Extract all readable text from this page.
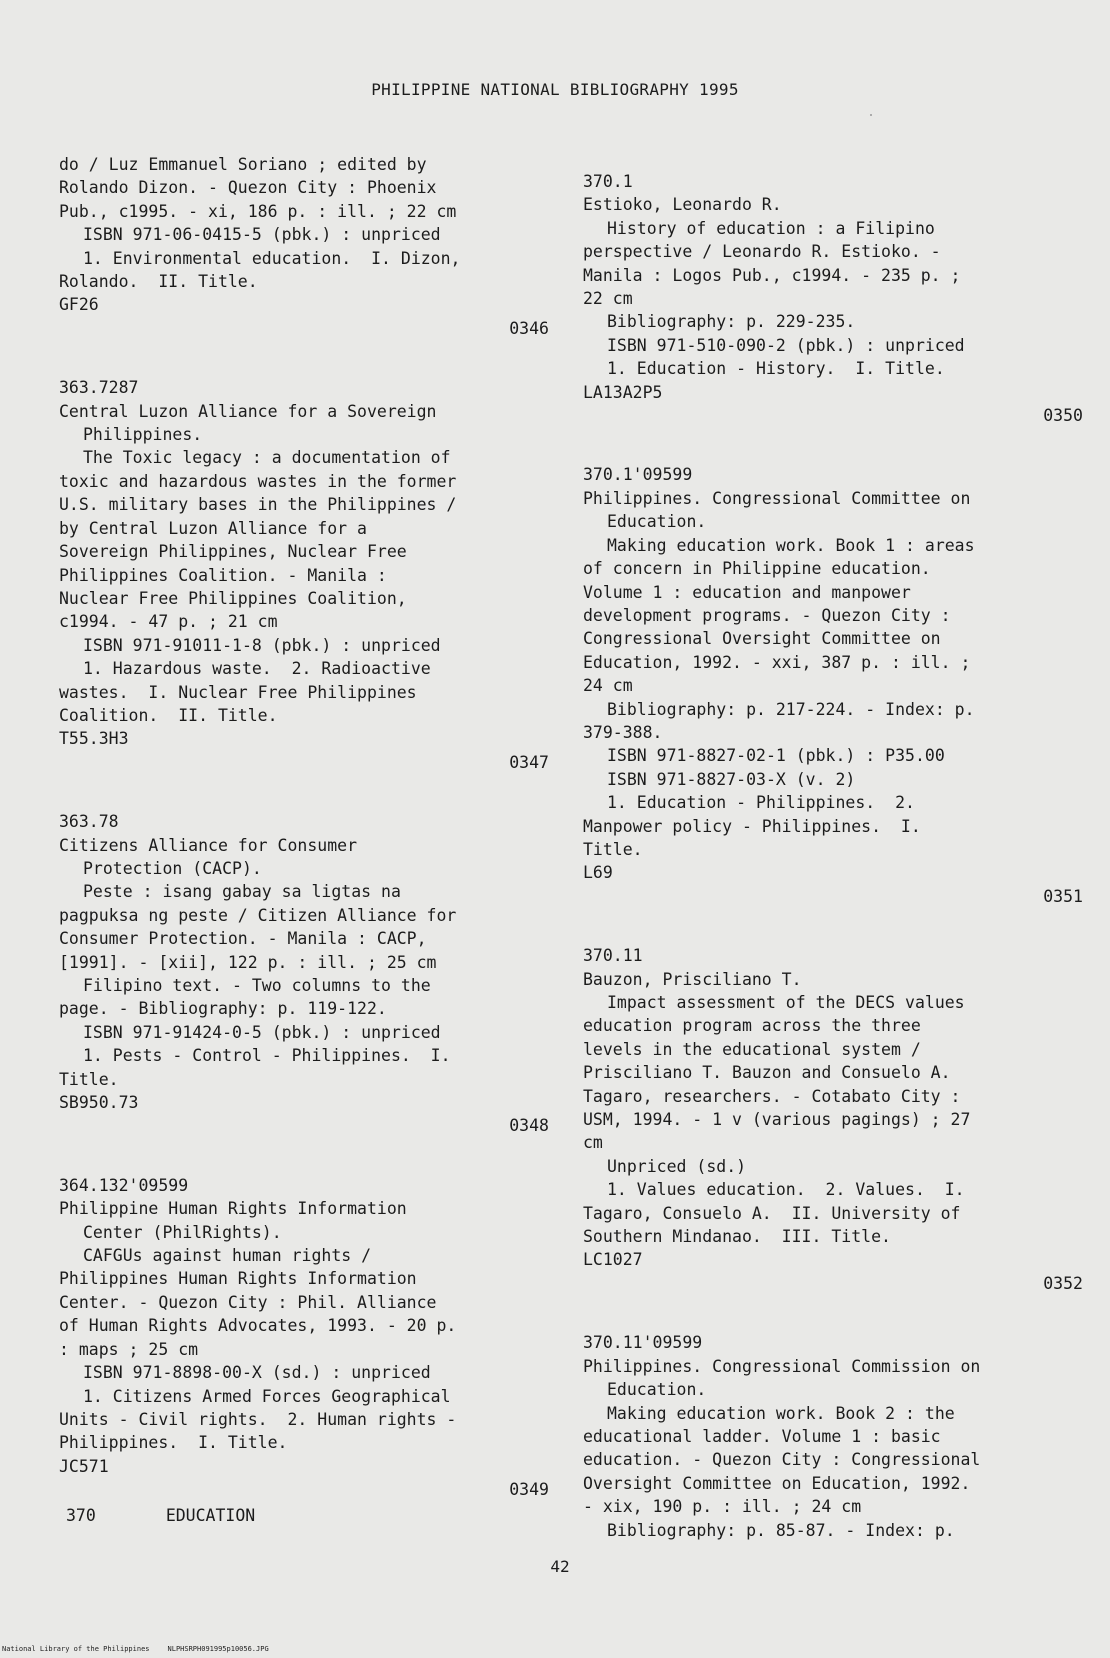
PHILIPPINE NATIONAL BIBLIOGRAPHY 1995
do / Luz Emmanuel Soriano ; edited by
Rolando Dizon. - Quezon City : Phoenix
Pub., c1995. - xi, 186 p. : ill. ; 22 cm
ISBN 971-06-0415-5 (pbk.) : unpriced
1. Environmental education.  I. Dizon,
Rolando.  II. Title.
GF26
0346
363.7287
Central Luzon Alliance for a Sovereign
Philippines.
The Toxic legacy : a documentation of
toxic and hazardous wastes in the former
U.S. military bases in the Philippines /
by Central Luzon Alliance for a
Sovereign Philippines, Nuclear Free
Philippines Coalition. - Manila :
Nuclear Free Philippines Coalition,
c1994. - 47 p. ; 21 cm
ISBN 971-91011-1-8 (pbk.) : unpriced
1. Hazardous waste.  2. Radioactive
wastes.  I. Nuclear Free Philippines
Coalition.  II. Title.
T55.3H3
0347
363.78
Citizens Alliance for Consumer
Protection (CACP).
Peste : isang gabay sa ligtas na
pagpuksa ng peste / Citizen Alliance for
Consumer Protection. - Manila : CACP,
[1991]. - [xii], 122 p. : ill. ; 25 cm
Filipino text. - Two columns to the
page. - Bibliography: p. 119-122.
ISBN 971-91424-0-5 (pbk.) : unpriced
1. Pests - Control - Philippines.  I.
Title.
SB950.73
0348
364.132'09599
Philippine Human Rights Information
Center (PhilRights).
CAFGUs against human rights /
Philippines Human Rights Information
Center. - Quezon City : Phil. Alliance
of Human Rights Advocates, 1993. - 20 p.
: maps ; 25 cm
ISBN 971-8898-00-X (sd.) : unpriced
1. Citizens Armed Forces Geographical
Units - Civil rights.  2. Human rights -
Philippines.  I. Title.
JC571
0349
370.1
Estioko, Leonardo R.
History of education : a Filipino
perspective / Leonardo R. Estioko. -
Manila : Logos Pub., c1994. - 235 p. ;
22 cm
Bibliography: p. 229-235.
ISBN 971-510-090-2 (pbk.) : unpriced
1. Education - History.  I. Title.
LA13A2P5
0350
370.1'09599
Philippines. Congressional Committee on
Education.
Making education work. Book 1 : areas
of concern in Philippine education.
Volume 1 : education and manpower
development programs. - Quezon City :
Congressional Oversight Committee on
Education, 1992. - xxi, 387 p. : ill. ;
24 cm
Bibliography: p. 217-224. - Index: p.
379-388.
ISBN 971-8827-02-1 (pbk.) : P35.00
ISBN 971-8827-03-X (v. 2)
1. Education - Philippines.  2.
Manpower policy - Philippines.  I.
Title.
L69
0351
370.11
Bauzon, Prisciliano T.
Impact assessment of the DECS values
education program across the three
levels in the educational system /
Prisciliano T. Bauzon and Consuelo A.
Tagaro, researchers. - Cotabato City :
USM, 1994. - 1 v (various pagings) ; 27
cm
Unpriced (sd.)
1. Values education.  2. Values.  I.
Tagaro, Consuelo A.  II. University of
Southern Mindanao.  III. Title.
LC1027
0352
370.11'09599
Philippines. Congressional Commission on
Education.
Making education work. Book 2 : the
educational ladder. Volume 1 : basic
education. - Quezon City : Congressional
Oversight Committee on Education, 1992.
- xix, 190 p. : ill. ; 24 cm
Bibliography: p. 85-87. - Index: p.
370	EDUCATION
42
National Library of the Philippines	NLPHSRPH091995p10056.JPG
